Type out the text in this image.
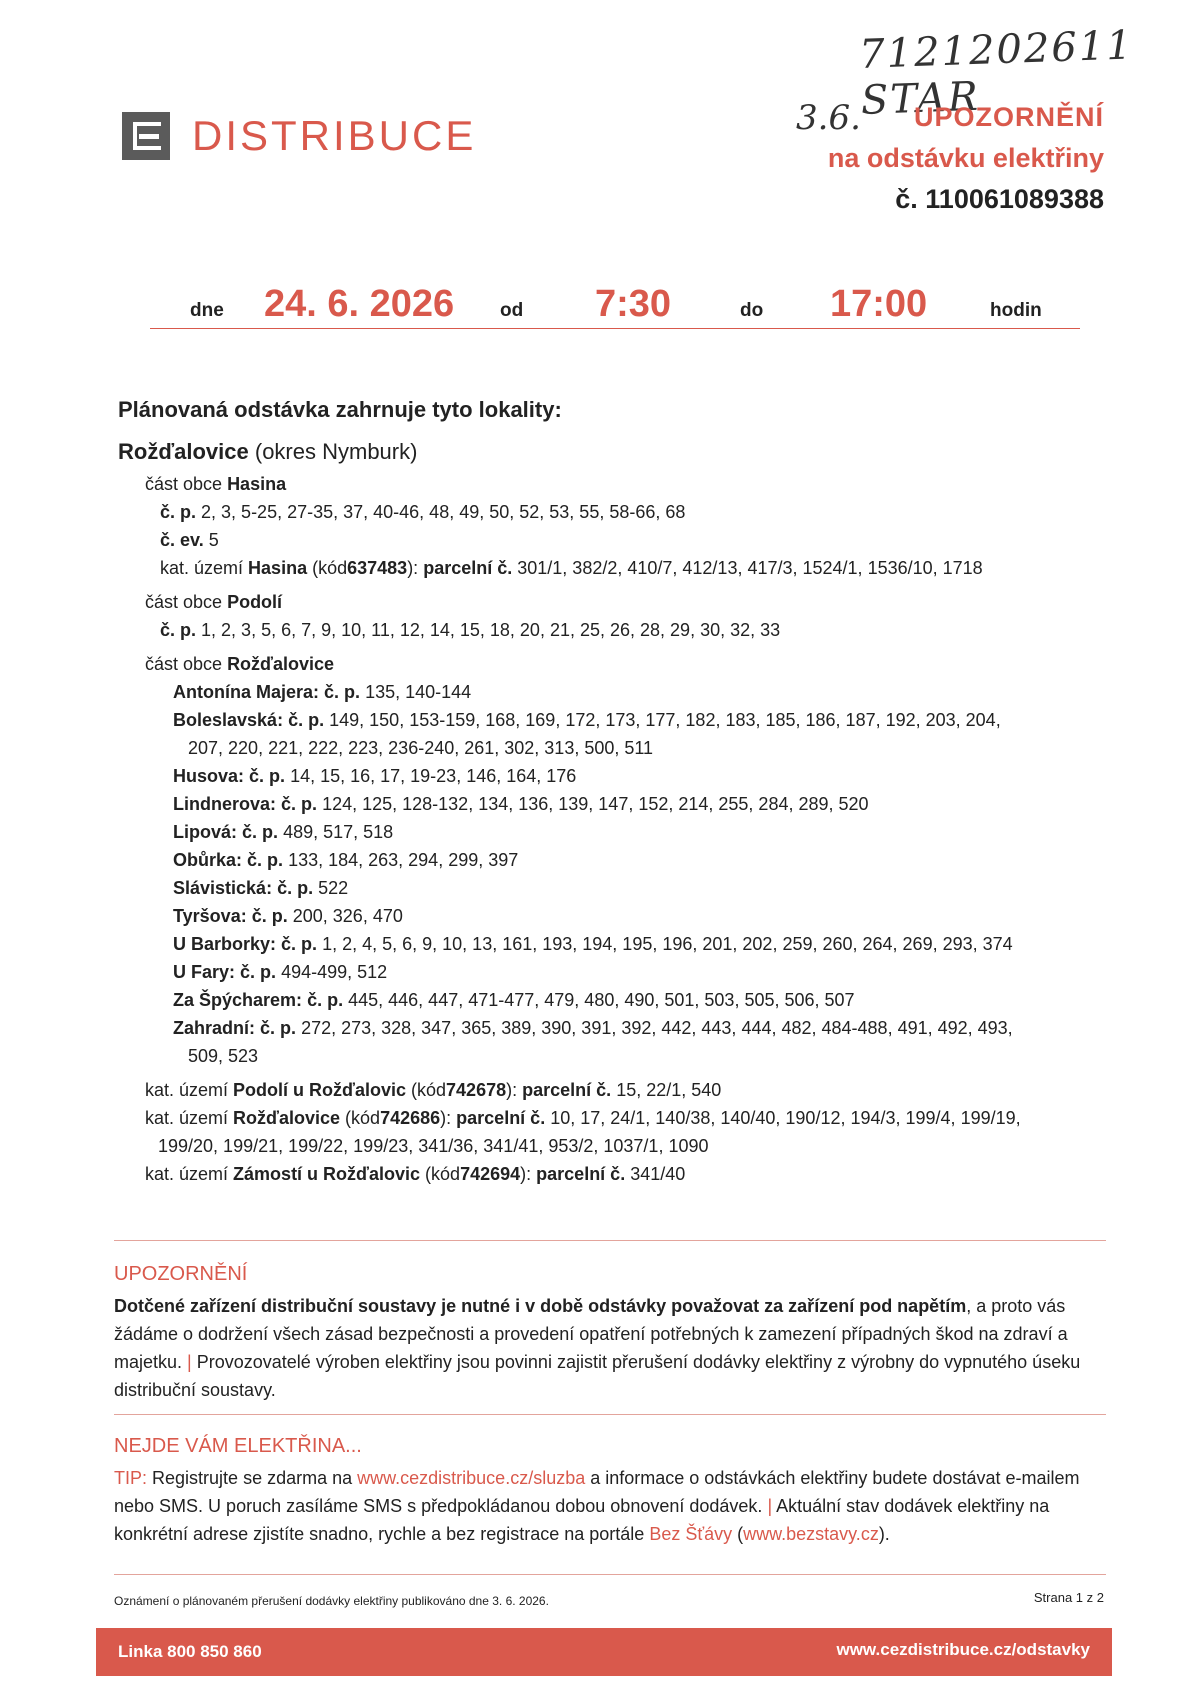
7121202611 STAR
3.6.
DISTRIBUCE	UPOZORNĚNÍ
na odstávku elektřiny
č. 110061089388
dne 24. 6. 2026 od 7:30	do 17:00	hodin
Plánovaná odstávka zahrnuje tyto lokality:
Rožďalovice (okres Nymburk)
část obce Hasina
č. p. 2, 3, 5-25, 27-35, 37, 40-46, 48, 49, 50, 52, 53, 55, 58-66, 68
č. ev. 5
kat. území Hasina (kód637483): parcelní č. 301/1, 382/2, 410/7, 412/13, 417/3, 1524/1, 1536/10, 1718
část obce Podolí
č. p. 1, 2, 3, 5, 6, 7, 9, 10, 11, 12, 14, 15, 18, 20, 21, 25, 26, 28, 29, 30, 32, 33
část obce Rožďalovice
Antonína Majera: č. p. 135, 140-144
Boleslavská: č. p. 149, 150, 153-159, 168, 169, 172, 173, 177, 182, 183, 185, 186, 187, 192, 203, 204,
207, 220, 221, 222, 223, 236-240, 261, 302, 313, 500, 511
Husova: č. p. 14, 15, 16, 17, 19-23, 146, 164, 176
Lindnerova: č. p. 124, 125, 128-132, 134, 136, 139, 147, 152, 214, 255, 284, 289, 520
Lipová: č. p. 489, 517, 518
Obůrka: č. p. 133, 184, 263, 294, 299, 397
Slávistická: č. p. 522
Tyršova: č. p. 200, 326, 470
U Barborky: č. p. 1, 2, 4, 5, 6, 9, 10, 13, 161, 193, 194, 195, 196, 201, 202, 259, 260, 264, 269, 293, 374
U Fary: č. p. 494-499, 512
Za Špýcharem: č. p. 445, 446, 447, 471-477, 479, 480, 490, 501, 503, 505, 506, 507
Zahradní: č. p. 272, 273, 328, 347, 365, 389, 390, 391, 392, 442, 443, 444, 482, 484-488, 491, 492, 493,
509, 523
kat. území Podolí u Rožďalovic (kód742678): parcelní č. 15, 22/1, 540
kat. území Rožďalovice (kód742686): parcelní č. 10, 17, 24/1, 140/38, 140/40, 190/12, 194/3, 199/4, 199/19,
199/20, 199/21, 199/22, 199/23, 341/36, 341/41, 953/2, 1037/1, 1090
kat. území Zámostí u Rožďalovic (kód742694): parcelní č. 341/40
UPOZORNĚNÍ
Dotčené zařízení distribuční soustavy je nutné i v době odstávky považovat za zařízení pod napětím, a proto vás žádáme o dodržení všech zásad bezpečnosti a provedení opatření potřebných k zamezení případných škod na zdraví a majetku. | Provozovatelé výroben elektřiny jsou povinni zajistit přerušení dodávky elektřiny z výrobny do vypnutého úseku distribuční soustavy.
NEJDE VÁM ELEKTŘINA...
TIP: Registrujte se zdarma na www.cezdistribuce.cz/sluzba a informace o odstávkách elektřiny budete dostávat e-mailem nebo SMS. U poruch zasíláme SMS s předpokládanou dobou obnovení dodávek. | Aktuální stav dodávek elektřiny na konkrétní adrese zjistíte snadno, rychle a bez registrace na portále Bez Šťávy (www.bezstavy.cz).
Oznámení o plánovaném přerušení dodávky elektřiny publikováno dne 3. 6. 2026.	Strana 1 z 2
Linka 800 850 860	www.cezdistribuce.cz/odstavky
